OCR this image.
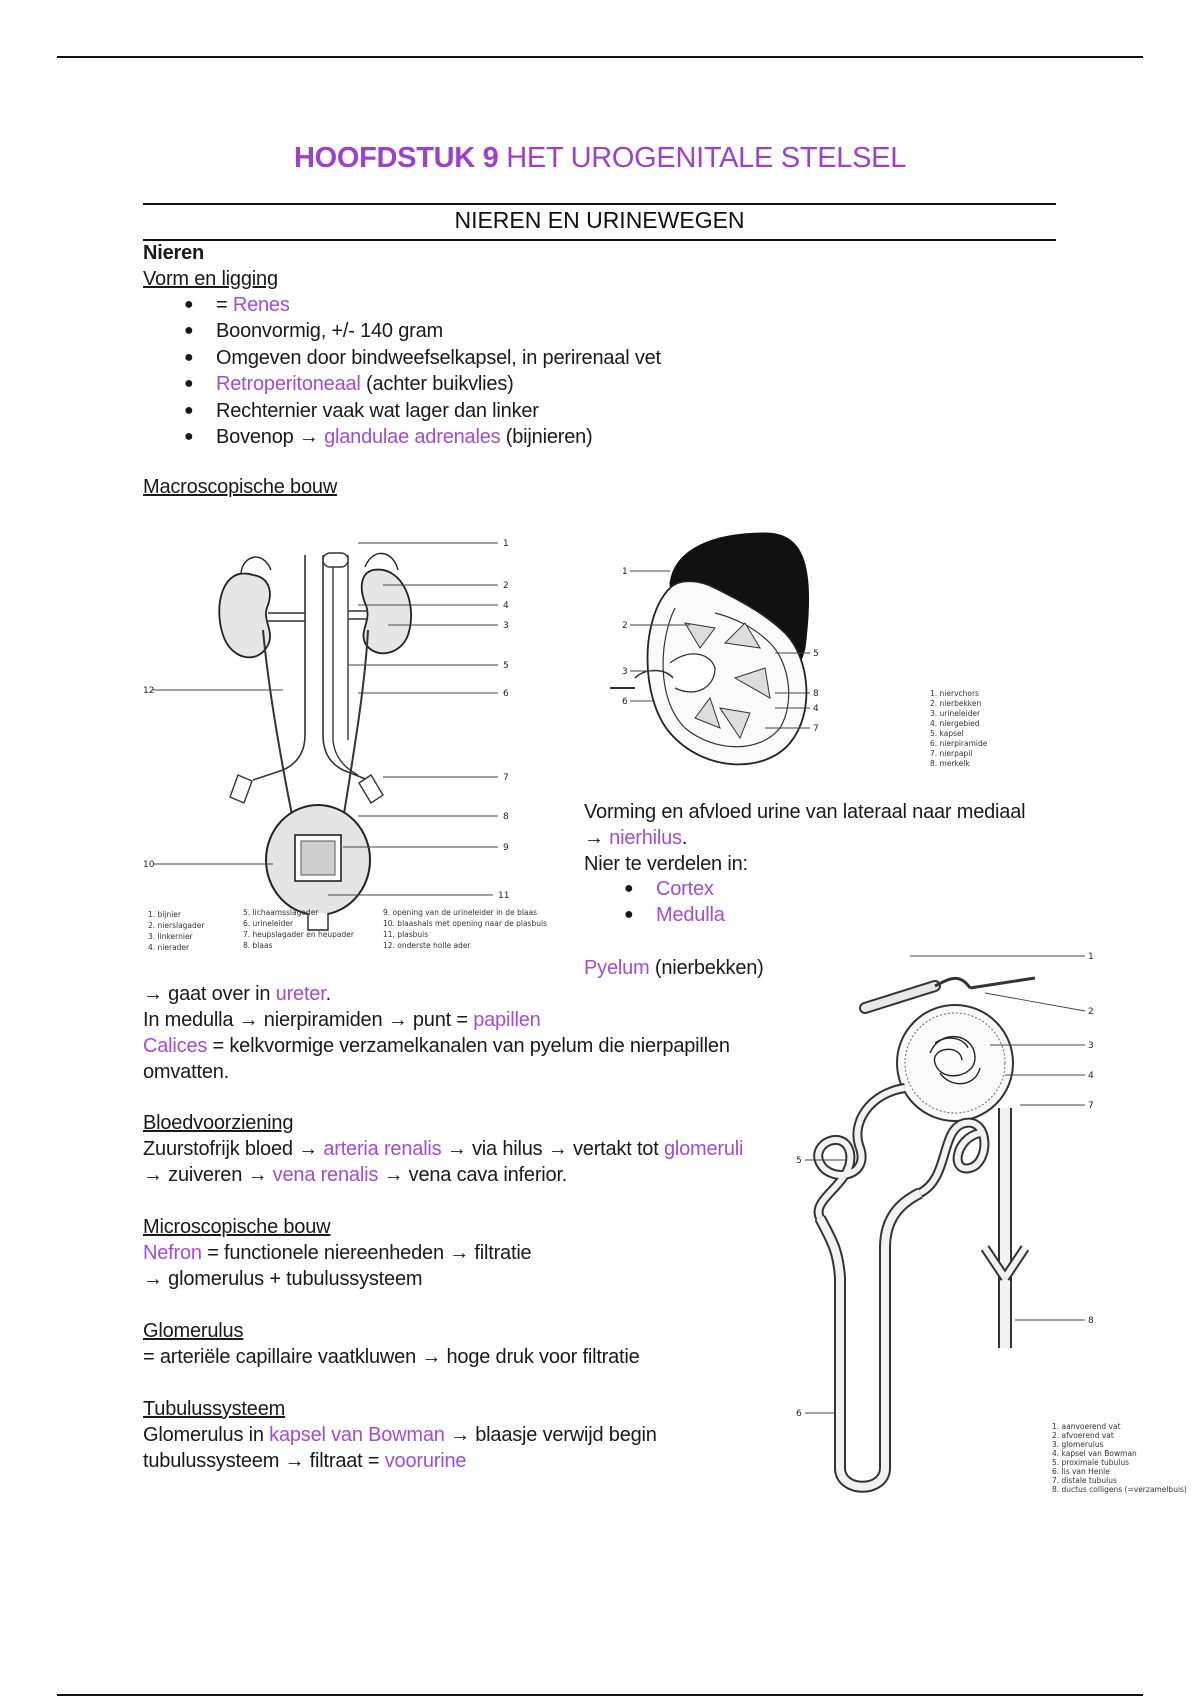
HOOFDSTUK 9 HET UROGENITALE STELSEL
NIEREN EN URINEWEGEN
Nieren
Vorm en ligging
● = Renes
● Boonvormig, +/- 140 gram
● Omgeven door bindweefselkapsel, in perirenaal vet
● Retroperitoneaal (achter buikvlies)
● Rechternier vaak wat lager dan linker
● Bovenop → glandulae adrenales (bijnieren)
Macroscopische bouw
1
2
4
3
5
6
12
7
8
9
10
11
1. bijnier
2. nierslagader
3. linkernier
4. nierader
5. lichaamsslagader
6. urineleider
7. heupslagader en heupader
8. blaas
9. opening van de urineleider in de blaas
10. blaashals met opening naar de plasbuis
11. plasbuis
12. onderste holle ader
1
2
3
6
5
8
4
7
1. niervchors
2. nierbekken
3. urineleider
4. niergebied
5. kapsel
6. nierpiramide
7. nierpapil
8. merkelk
Vorming en afvloed urine van lateraal naar mediaal
→ nierhilus.
Nier te verdelen in:
● Cortex
● Medulla
Pyelum (nierbekken)	1
2
3
4
7
5
8
6
1. aanvoerend vat
2. afvoerend vat
3. glomerulus
4. kapsel van Bowman
5. proximale tubulus
6. lis van Henle
7. distale tubulus
8. ductus colligens (=verzamelbuis)
→ gaat over in ureter.
In medulla → nierpiramiden → punt = papillen
Calices = kelkvormige verzamelkanalen van pyelum die nierpapillen
omvatten.
Bloedvoorziening
Zuurstofrijk bloed → arteria renalis → via hilus → vertakt tot glomeruli
→ zuiveren → vena renalis → vena cava inferior.
Microscopische bouw
Nefron = functionele niereenheden → filtratie
→ glomerulus + tubulussysteem
Glomerulus
= arteriële capillaire vaatkluwen → hoge druk voor filtratie
Tubulussysteem
Glomerulus in kapsel van Bowman → blaasje verwijd begin
tubulussysteem → filtraat = voorurine
